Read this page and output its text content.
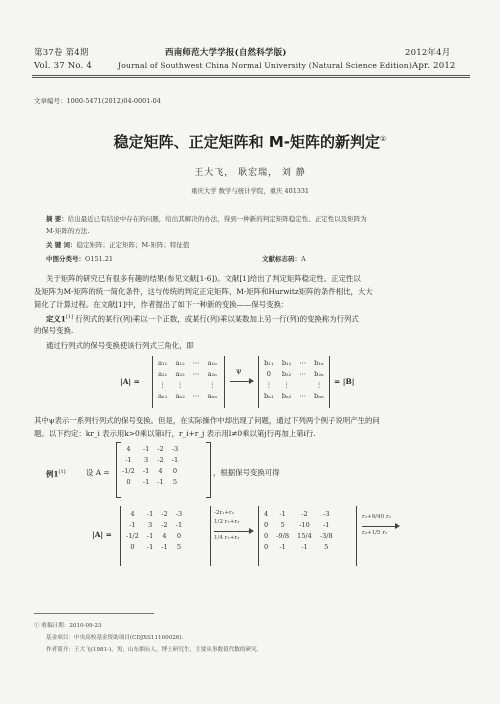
第37卷 第4期	西南师范大学学报(自然科学版)	2012年4月
Vol. 37 No. 4	Journal of Southwest China Normal University (Natural Science Edition) Apr. 2012
文章编号：1000-5471(2012)04-0001-04
稳定矩阵、正定矩阵和 M-矩阵的新判定①
王大飞， 耿宏瑞， 刘 静
重庆大学 数学与统计学院，重庆 401331
摘 要：给出最近已有结论中存在的问题，给出其解决的办法，得到一种新的判定矩阵稳定性、正定性以及矩阵为
M-矩阵的方法.
关 键 词：稳定矩阵；正定矩阵；M-矩阵；特征值
中图分类号：O151.21	文献标志码：A
关于矩阵的研究已有很多有趣的结果(参见文献[1-6])。文献[1]给出了判定矩阵稳定性、正定性以
及矩阵为M-矩阵的统一简化条件，这与传统的判定正定矩阵、M-矩阵和Hurwitz矩阵的条件相比，大大
简化了计算过程。在文献[1]中，作者提出了如下一种新的变换——保号变换：
定义1[1] 行列式的某行(列)乘以一个正数，或某行(列)乘以某数加上另一行(列)的变换称为行列式
的保号变换.
通过行列式的保号变换使该行列式三角化，即
|A| =
a₁₁	a₁₂	⋯	a₁ₙ
a₂₁	a₂₂	⋯	a₂ₙ
⋮	⋮		⋮
aₙ₁	aₙ₂	⋯	aₙₙ
ψ
b₁₁	b₁₂	⋯	b₁ₙ
0	b₂₂	⋯	b₂ₙ
⋮	⋮		⋮
bₙ₁	bₙ₂	⋯	bₙₙ
= |B|
其中ψ表示一系列行列式的保号变换。但是，在实际操作中却出现了问题，通过下列两个例子说明产生的问
题。以下约定：kr_i 表示用k>0乘以第i行，r_i+r_j 表示用l≠0乘以第j行再加上第i行.
例1[1]	设 A =
4	-1	-2	-3
-1	3	-2	-1
-1/2	-1	4	0
0	-1	-1	5
，根据保号变换可得
|A| =
4	-1	-2	-3
-1	3	-2	-1
-1/2	-1	4	0
0	-1	-1	5
-2r₁+r₂
1/2 r₁+r₃
1/4 r₁+r₃
4	-1	-2	-3
0	5	-10	-1
0	-9/8	15/4	-3/8
0	-1	-1	5
r₃+9/40 r₂
r₄+1/5 r₂
① 收稿日期：2010-09-23
基金项目：中央高校基金资助项目(CDJXS11100026).
作者简介：王大飞(1981-)，男，山东烟台人，博士研究生，主要从事数值代数的研究.
